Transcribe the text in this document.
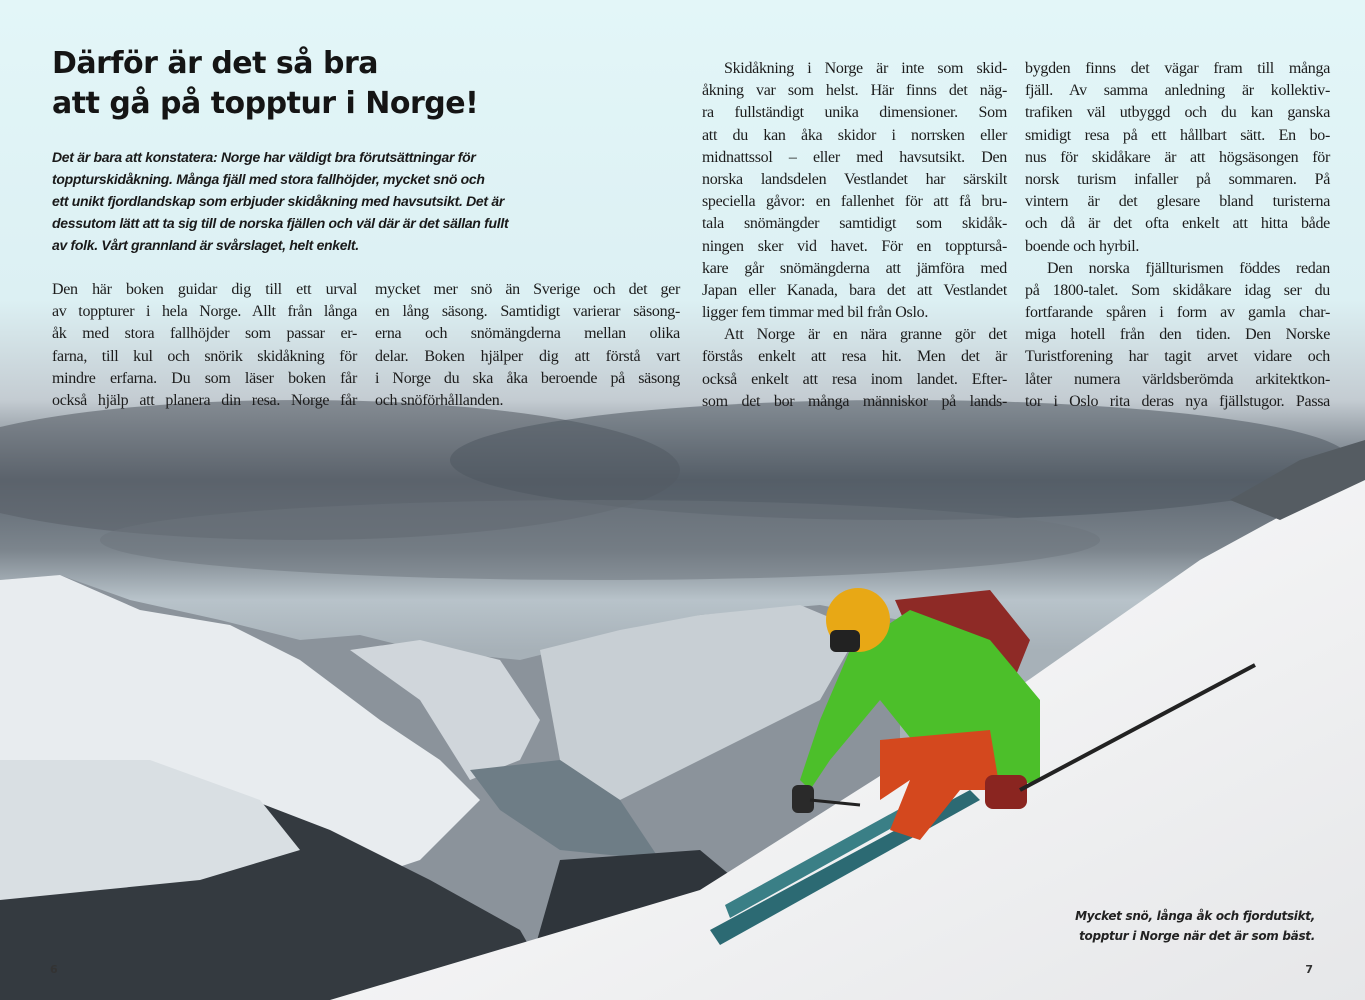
Därför är det så bra
att gå på topptur i Norge!
Det är bara att konstatera: Norge har väldigt bra förutsättningar för
toppturskidåkning. Många fjäll med stora fallhöjder, mycket snö och
ett unikt fjordlandskap som erbjuder skidåkning med havsutsikt. Det är
dessutom lätt att ta sig till de norska fjällen och väl där är det sällan fullt
av folk. Vårt grannland är svårslaget, helt enkelt.
Den här boken guidar dig till ett urval
av toppturer i hela Norge. Allt från långa
åk med stora fallhöjder som passar er-
farna, till kul och snörik skidåkning för
mindre erfarna. Du som läser boken får
också hjälp att planera din resa. Norge får
mycket mer snö än Sverige och det ger
en lång säsong. Samtidigt varierar säsong-
erna och snömängderna mellan olika
delar. Boken hjälper dig att förstå vart
i Norge du ska åka beroende på säsong
och snöförhållanden.
Skidåkning i Norge är inte som skid-
åkning var som helst. Här finns det näg-
ra fullständigt unika dimensioner. Som
att du kan åka skidor i norrsken eller
midnattssol – eller med havsutsikt. Den
norska landsdelen Vestlandet har särskilt
speciella gåvor: en fallenhet för att få bru-
tala snömängder samtidigt som skidåk-
ningen sker vid havet. För en toppturså-
kare går snömängderna att jämföra med
Japan eller Kanada, bara det att Vestlandet
ligger fem timmar med bil från Oslo.
Att Norge är en nära granne gör det
förstås enkelt att resa hit. Men det är
också enkelt att resa inom landet. Efter-
som det bor många människor på lands-
bygden finns det vägar fram till många
fjäll. Av samma anledning är kollektiv-
trafiken väl utbyggd och du kan ganska
smidigt resa på ett hållbart sätt. En bo-
nus för skidåkare är att högsäsongen för
norsk turism infaller på sommaren. På
vintern är det glesare bland turisterna
och då är det ofta enkelt att hitta både
boende och hyrbil.
Den norska fjällturismen föddes redan
på 1800-talet. Som skidåkare idag ser du
fortfarande spåren i form av gamla char-
miga hotell från den tiden. Den Norske
Turistforening har tagit arvet vidare och
låter numera världsberömda arkitektkon-
tor i Oslo rita deras nya fjällstugor. Passa
Mycket snö, långa åk och fjordutsikt,
topptur i Norge när det är som bäst.
6	7
